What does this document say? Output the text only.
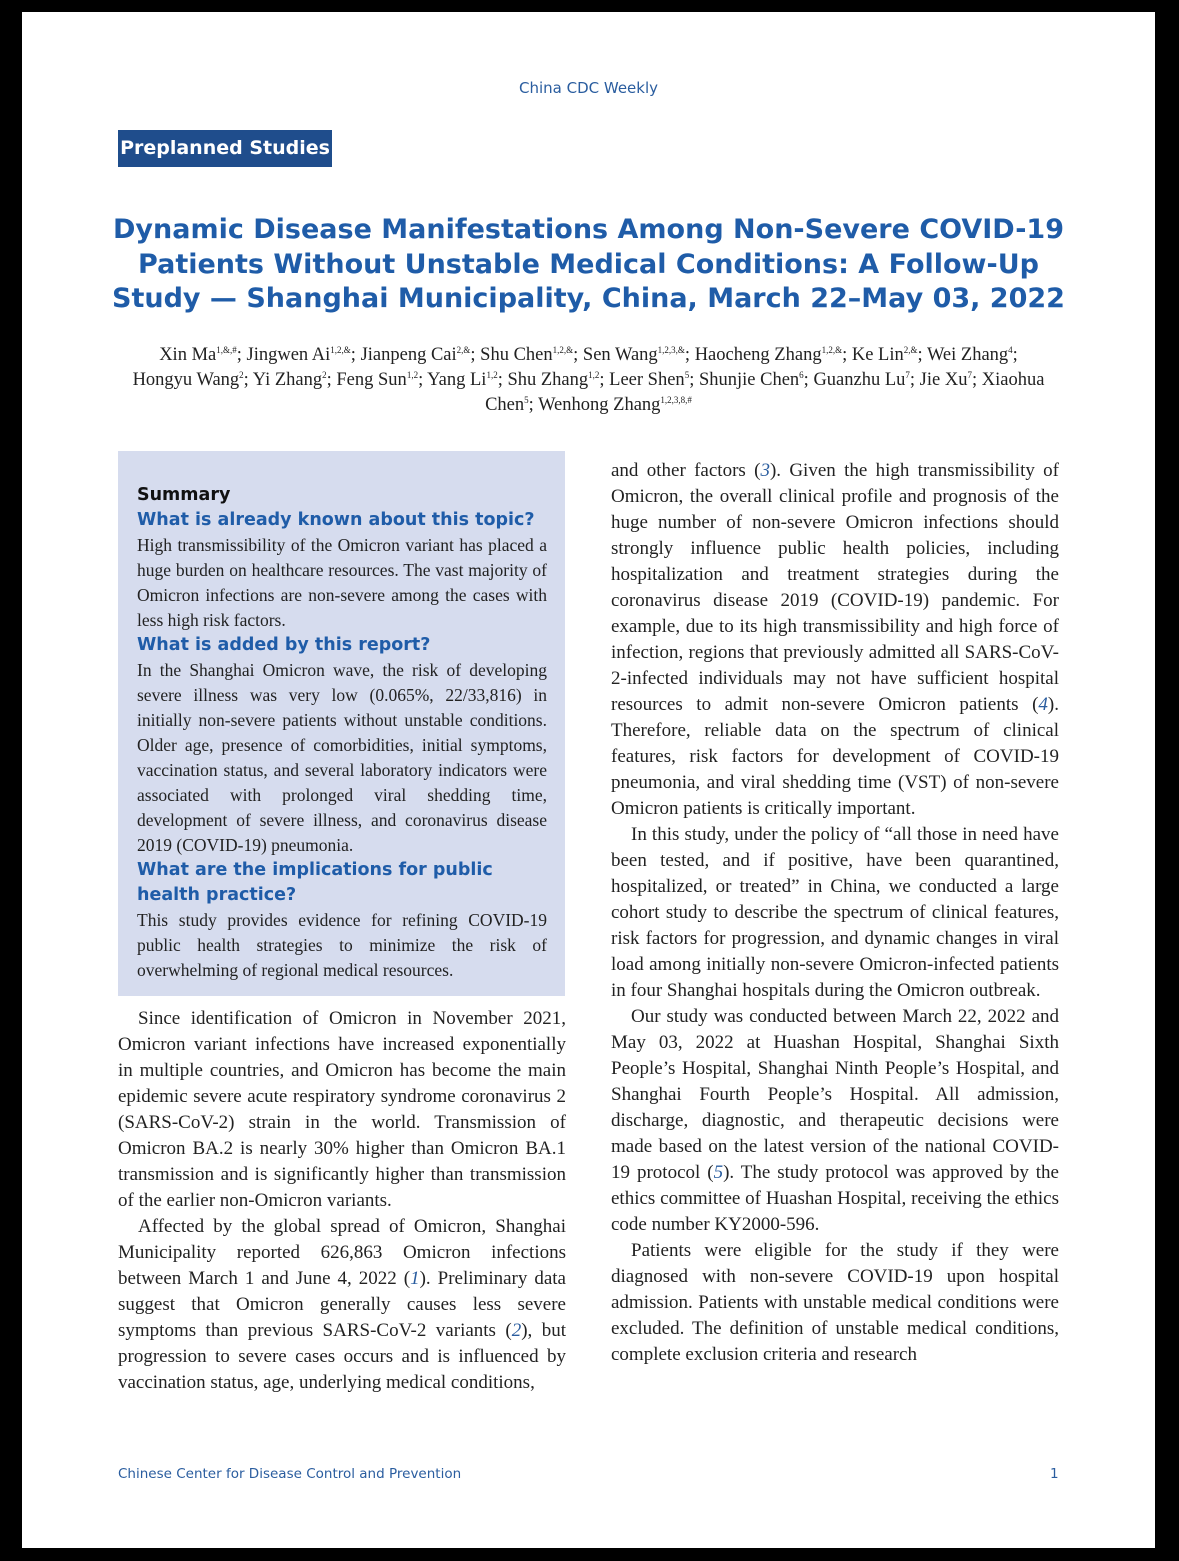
China CDC Weekly
Preplanned Studies
Dynamic Disease Manifestations Among Non-Severe COVID-19 Patients Without Unstable Medical Conditions: A Follow-Up Study — Shanghai Municipality, China, March 22–May 03, 2022

Xin $Ma^{1,\&,\#}$; Jingwen $Ai^{1,2,\&}$; Jianpeng Cai$^{2,\&}$; Shu Chen$^{1,2,\&}$; Sen Wang$^{1,2,3,\&}$; Haocheng Zhang$^{1,2,\&}$; Ke Lin$^{2,\&}$; Wei Zhang$^4$; Hongyu Wang$^2$; Yi Zhang$^2$; Feng Sun$^{1,2}$; Yang Li$^{1,2}$; Shu Zhang$^{1,2}$; Leer Shen$^5$; Shunjie Chen$^6$; Guanzhu Lu$^7$; Jie Xu$^7$; Xiaohua Chen$^5$; Wenhong Zhang$^{1,2,3,8,\#}$

Summary
What is already known about this topic?

High transmissibility of the Omicron variant has placed a huge burden on healthcare resources. The vast majority of Omicron infections are non-severe among the cases with less high risk factors.

What is added by this report?

In the Shanghai Omicron wave, the risk of developing severe illness was very low (0.065%, 22/33,816) in initially non-severe patients without unstable conditions. Older age, presence of comorbidities, initial symptoms, vaccination status, and several laboratory indicators were associated with prolonged viral shedding time, development of severe illness, and coronavirus disease 2019 (COVID-19) pneumonia.

What are the implications for public health practice?

This study provides evidence for refining COVID-19 public health strategies to minimize the risk of overwhelming of regional medical resources.

Since identification of Omicron in November 2021, Omicron variant infections have increased exponentially in multiple countries, and Omicron has become the main epidemic severe acute respiratory syndrome coronavirus 2 (SARS-CoV-2) strain in the world. Transmission of Omicron BA.2 is nearly 30% higher than Omicron BA.1 transmission and is significantly higher than transmission of the earlier non-Omicron variants.

Affected by the global spread of Omicron, Shanghai Municipality reported 626,863 Omicron infections between March 1 and June 4, 2022 (1). Preliminary data suggest that Omicron generally causes less severe symptoms than previous SARS-CoV-2 variants (2), but progression to severe cases occurs and is influenced by vaccination status, age, underlying medical conditions,

and other factors (3). Given the high transmissibility of Omicron, the overall clinical profile and prognosis of the huge number of non-severe Omicron infections should strongly influence public health policies, including hospitalization and treatment strategies during the coronavirus disease 2019 (COVID-19) pandemic. For example, due to its high transmissibility and high force of infection, regions that previously admitted all SARS-CoV-2-infected individuals may not have sufficient hospital resources to admit non-severe Omicron patients (4). Therefore, reliable data on the spectrum of clinical features, risk factors for development of COVID-19 pneumonia, and viral shedding time (VST) of non-severe Omicron patients is critically important.

In this study, under the policy of “all those in need have been tested, and if positive, have been quarantined, hospitalized, or treated” in China, we conducted a large cohort study to describe the spectrum of clinical features, risk factors for progression, and dynamic changes in viral load among initially non-severe Omicron-infected patients in four Shanghai hospitals during the Omicron outbreak.

Our study was conducted between March 22, 2022 and May 03, 2022 at Huashan Hospital, Shanghai Sixth People’s Hospital, Shanghai Ninth People’s Hospital, and Shanghai Fourth People’s Hospital. All admission, discharge, diagnostic, and therapeutic decisions were made based on the latest version of the national COVID-19 protocol (5). The study protocol was approved by the ethics committee of Huashan Hospital, receiving the ethics code number KY2000-596.

Patients were eligible for the study if they were diagnosed with non-severe COVID-19 upon hospital admission. Patients with unstable medical conditions were excluded. The definition of unstable medical conditions, complete exclusion criteria and research

Chinese Center for Disease Control and Prevention	1
